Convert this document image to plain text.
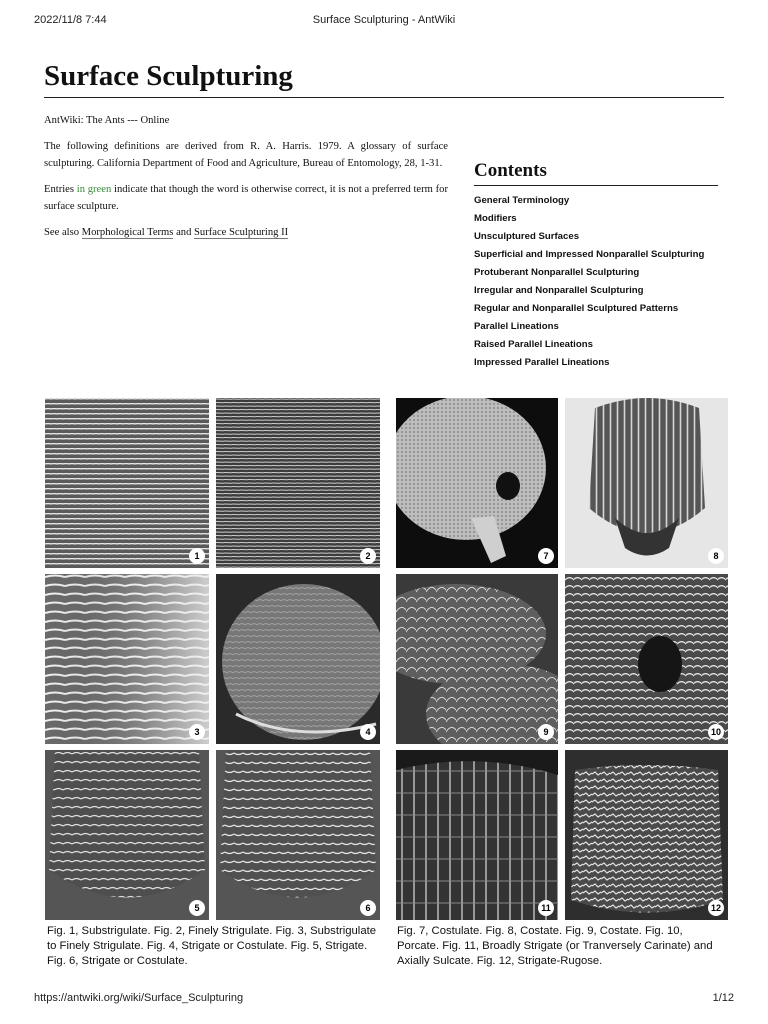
‏7:44 2022/11/8	Surface Sculpturing - AntWiki
Surface Sculpturing

AntWiki: The Ants --- Online

The following definitions are derived from R. A. Harris. 1979. A glossary of surface sculpturing. California Department of Food and Agriculture, Bureau of Entomology, 28, 1-31.

Entries in green indicate that though the word is otherwise correct, it is not a preferred term for surface sculpture.

See also Morphological Terms and Surface Sculpturing II

Contents
General Terminology
Modifiers
Unsculptured Surfaces
Superficial and Impressed Nonparallel Sculpturing
Protuberant Nonparallel Sculpturing
Irregular and Nonparallel Sculpturing
Regular and Nonparallel Sculptured Patterns
Parallel Lineations
Raised Parallel Lineations
Impressed Parallel Lineations
1	2
3	4
5	6
7	8
9	10
11	12
Fig. 1, Substrigulate. Fig. 2, Finely Strigulate. Fig. 3, Substrigulate to Finely Strigulate. Fig. 4, Strigate or Costulate. Fig. 5, Strigate. Fig. 6, Strigate or Costulate.
Fig. 7, Costulate. Fig. 8, Costate. Fig. 9, Costate. Fig. 10, Porcate. Fig. 11, Broadly Strigate (or Tranversely Carinate) and Axially Sulcate. Fig. 12, Strigate-Rugose.
https://antwiki.org/wiki/Surface_Sculpturing	1/12
